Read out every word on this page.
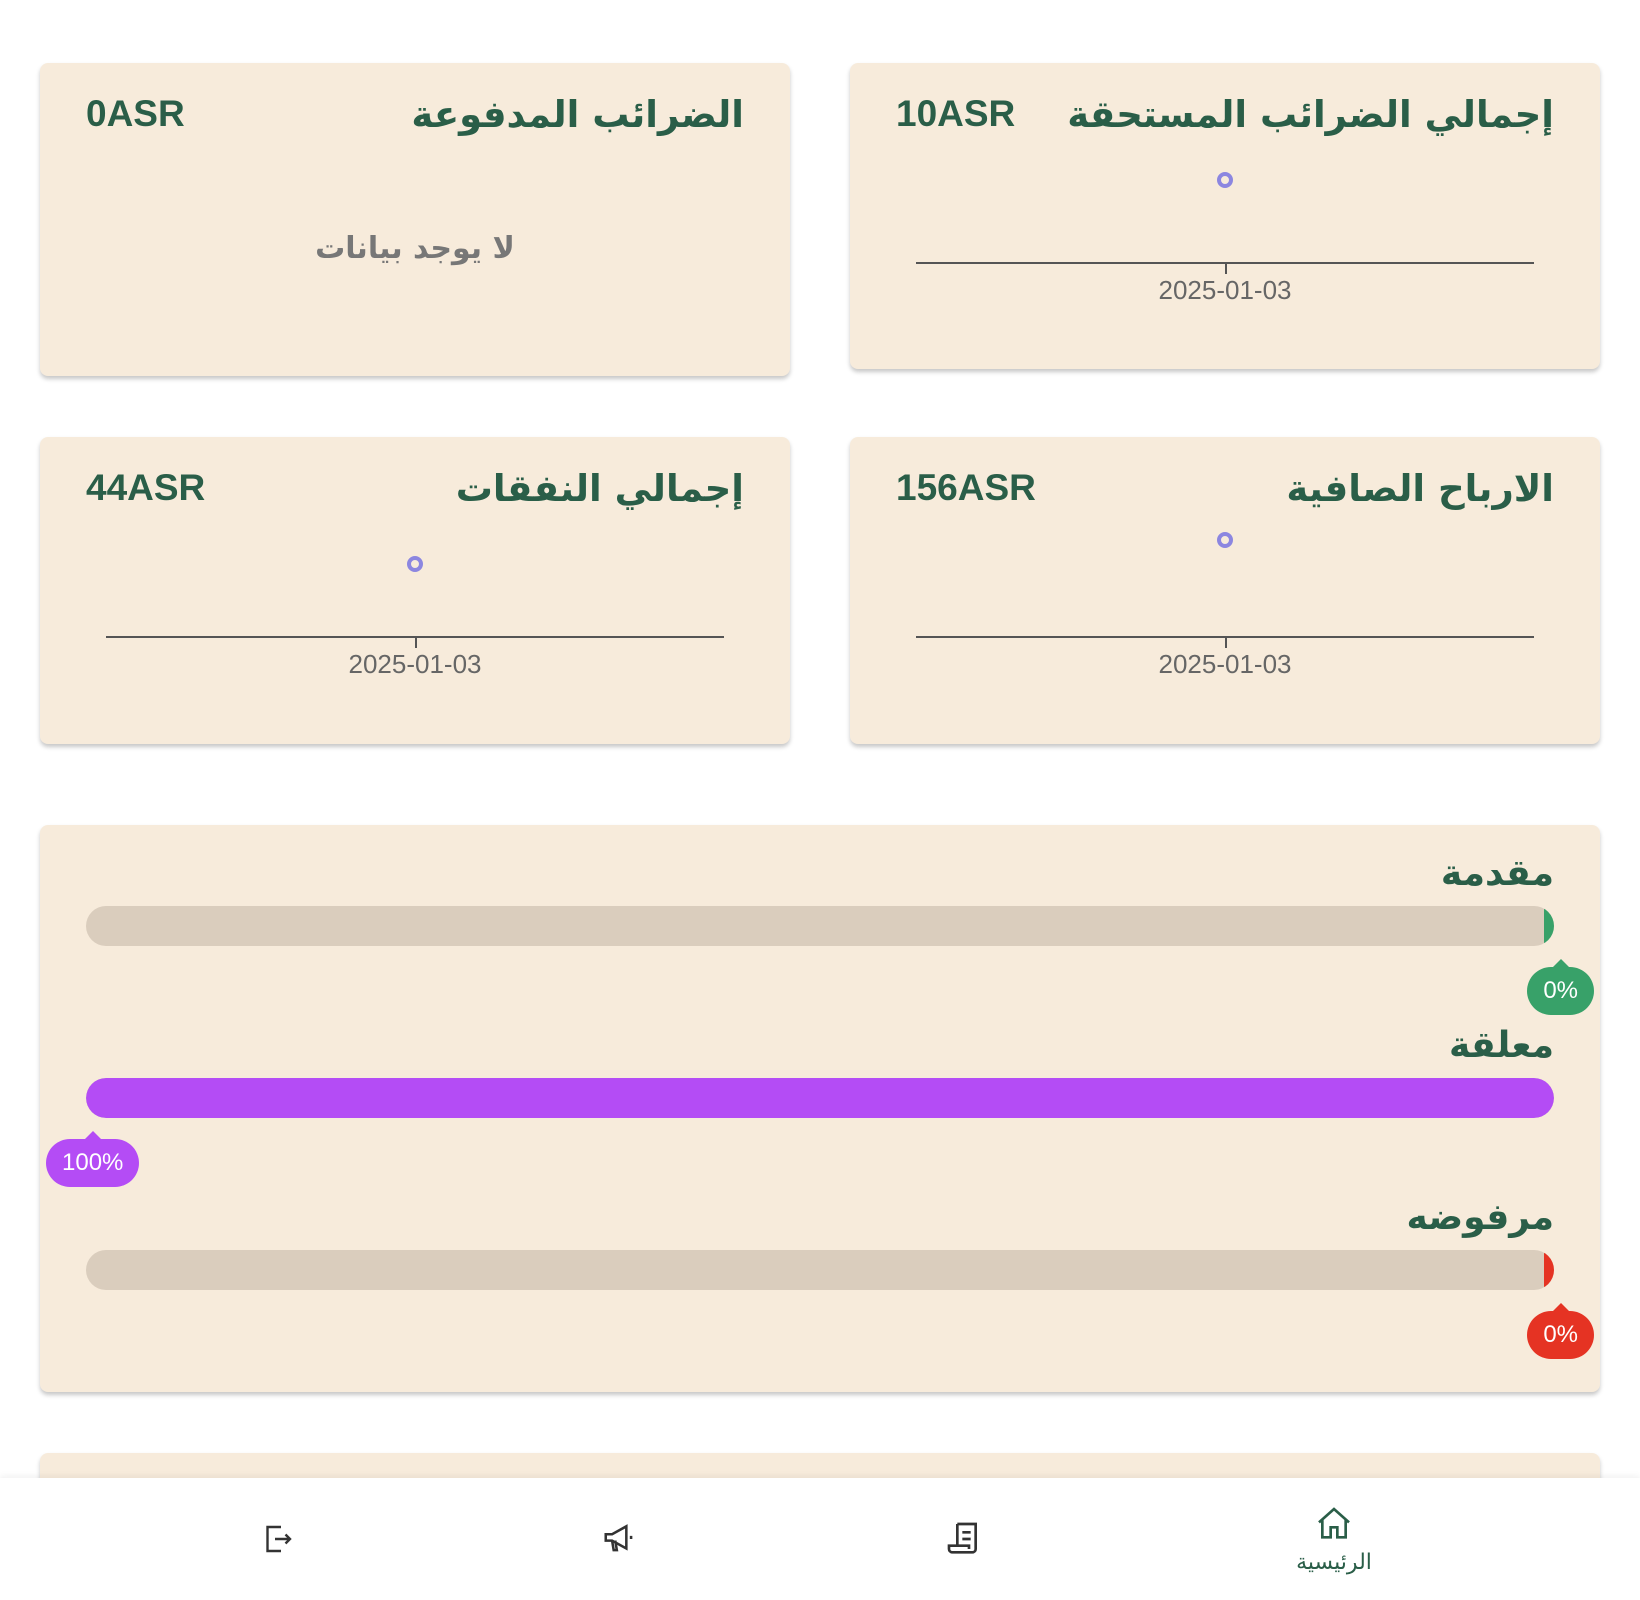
إجمالي الضرائب المستحقة
10ASR
2025-01-03
الضرائب المدفوعة
0ASR
لا يوجد بيانات
الارباح الصافية
156ASR
2025-01-03
إجمالي النفقات
44ASR
2025-01-03
مقدمة
0%
معلقة
100%
مرفوضه
0%
الرئيسية
